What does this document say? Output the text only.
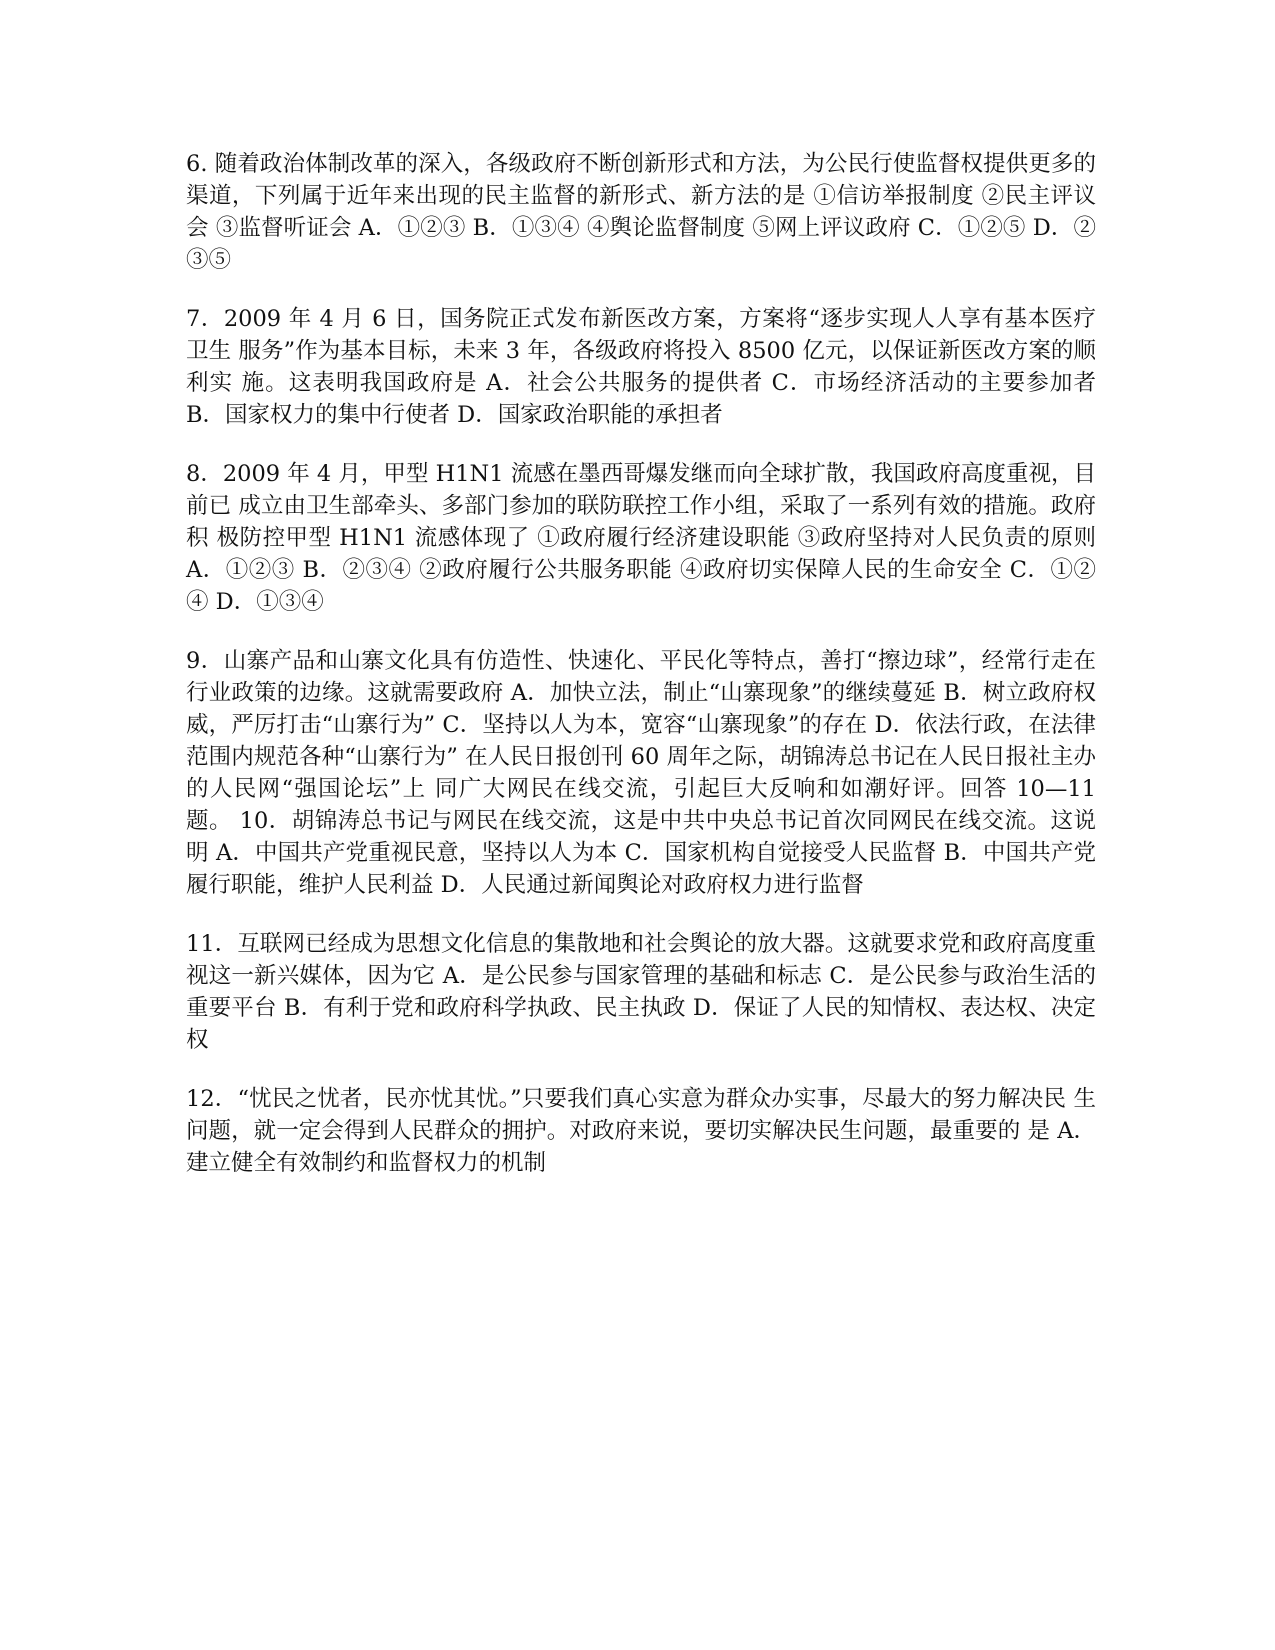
6. 随着政治体制改革的深入，各级政府不断创新形式和方法，为公民行使监督权提供更多的 渠道，下列属于近年来出现的民主监督的新形式、新方法的是 ①信访举报制度 ②民主评议会 ③监督听证会 A．①②③ B．①③④ ④舆论监督制度 ⑤网上评议政府 C．①②⑤ D．②③⑤

7．2009 年 4 月 6 日，国务院正式发布新医改方案，方案将“逐步实现人人享有基本医疗卫生 服务”作为基本目标，未来 3 年，各级政府将投入 8500 亿元，以保证新医改方案的顺利实 施。这表明我国政府是 A．社会公共服务的提供者 C．市场经济活动的主要参加者 B．国家权力的集中行使者 D．国家政治职能的承担者

8．2009 年 4 月，甲型 H1N1 流感在墨西哥爆发继而向全球扩散，我国政府高度重视，目前已 成立由卫生部牵头、多部门参加的联防联控工作小组，采取了一系列有效的措施。政府积 极防控甲型 H1N1 流感体现了 ①政府履行经济建设职能 ③政府坚持对人民负责的原则 A．①②③ B．②③④ ②政府履行公共服务职能 ④政府切实保障人民的生命安全 C．①②④ D．①③④

9．山寨产品和山寨文化具有仿造性、快速化、平民化等特点，善打“擦边球”，经常行走在 行业政策的边缘。这就需要政府 A．加快立法，制止“山寨现象”的继续蔓延 B．树立政府权威，严厉打击“山寨行为” C．坚持以人为本，宽容“山寨现象”的存在 D．依法行政，在法律范围内规范各种“山寨行为” 在人民日报创刊 60 周年之际，胡锦涛总书记在人民日报社主办的人民网“强国论坛”上 同广大网民在线交流，引起巨大反响和如潮好评。回答 10—11 题。 10．胡锦涛总书记与网民在线交流，这是中共中央总书记首次同网民在线交流。这说明 A．中国共产党重视民意，坚持以人为本 C．国家机构自觉接受人民监督 B．中国共产党履行职能，维护人民利益 D．人民通过新闻舆论对政府权力进行监督

11．互联网已经成为思想文化信息的集散地和社会舆论的放大器。这就要求党和政府高度重 视这一新兴媒体，因为它 A．是公民参与国家管理的基础和标志 C．是公民参与政治生活的重要平台 B．有利于党和政府科学执政、民主执政 D．保证了人民的知情权、表达权、决定权

12．“忧民之忧者，民亦忧其忧。”只要我们真心实意为群众办实事，尽最大的努力解决民 生问题，就一定会得到人民群众的拥护。对政府来说，要切实解决民生问题，最重要的 是 A．建立健全有效制约和监督权力的机制
